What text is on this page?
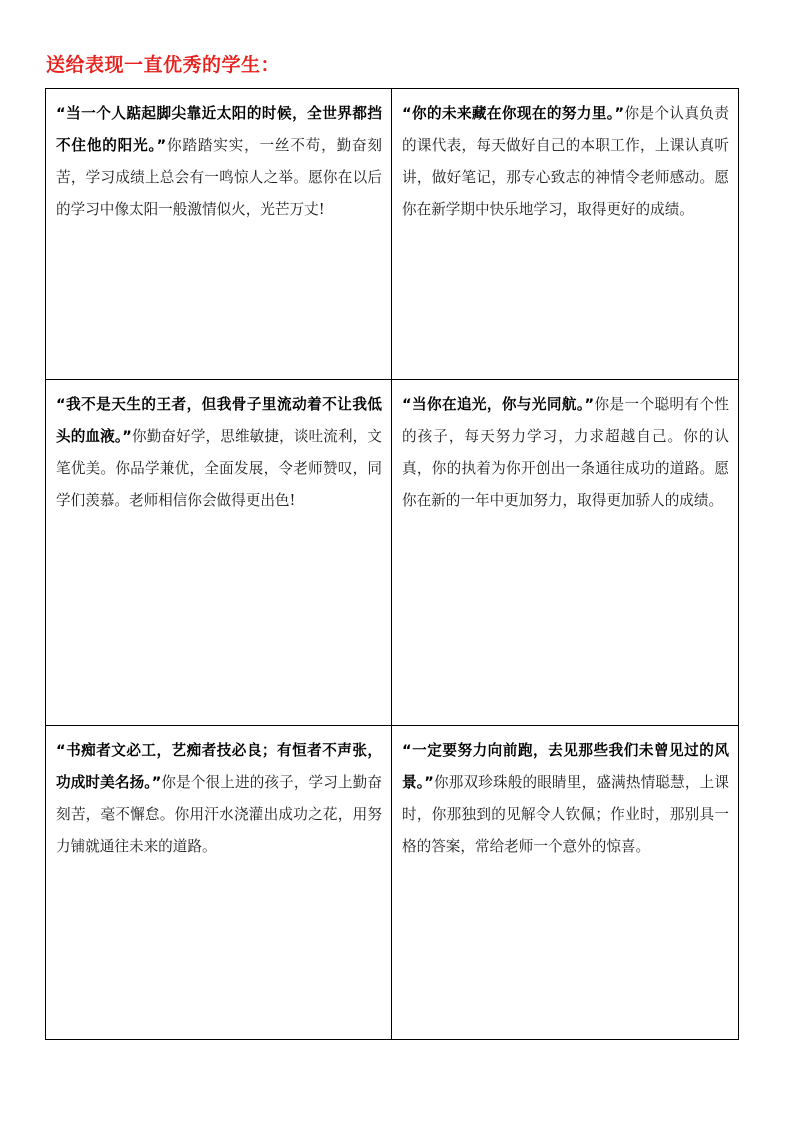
送给表现一直优秀的学生：
“当一个人踮起脚尖靠近太阳的时候，全世界都挡不住他的阳光。”你踏踏实实，一丝不苟，勤奋刻苦，学习成绩上总会有一鸣惊人之举。愿你在以后的学习中像太阳一般激情似火，光芒万丈!	“你的未来藏在你现在的努力里。”你是个认真负责的课代表，每天做好自己的本职工作，上课认真听讲，做好笔记，那专心致志的神情令老师感动。愿你在新学期中快乐地学习，取得更好的成绩。

“我不是天生的王者，但我骨子里流动着不让我低头的血液。”你勤奋好学，思维敏捷，谈吐流利，文笔优美。你品学兼优，全面发展，令老师赞叹，同学们羡慕。老师相信你会做得更出色!	“当你在追光，你与光同航。”你是一个聪明有个性的孩子，每天努力学习，力求超越自己。你的认真，你的执着为你开创出一条通往成功的道路。愿你在新的一年中更加努力，取得更加骄人的成绩。

“书痴者文必工，艺痴者技必良；有恒者不声张，功成时美名扬。”你是个很上进的孩子，学习上勤奋刻苦，毫不懈怠。你用汗水浇灌出成功之花，用努力铺就通往未来的道路。	“一定要努力向前跑，去见那些我们未曾见过的风景。”你那双珍珠般的眼睛里，盛满热情聪慧，上课时，你那独到的见解令人钦佩；作业时，那别具一格的答案，常给老师一个意外的惊喜。
